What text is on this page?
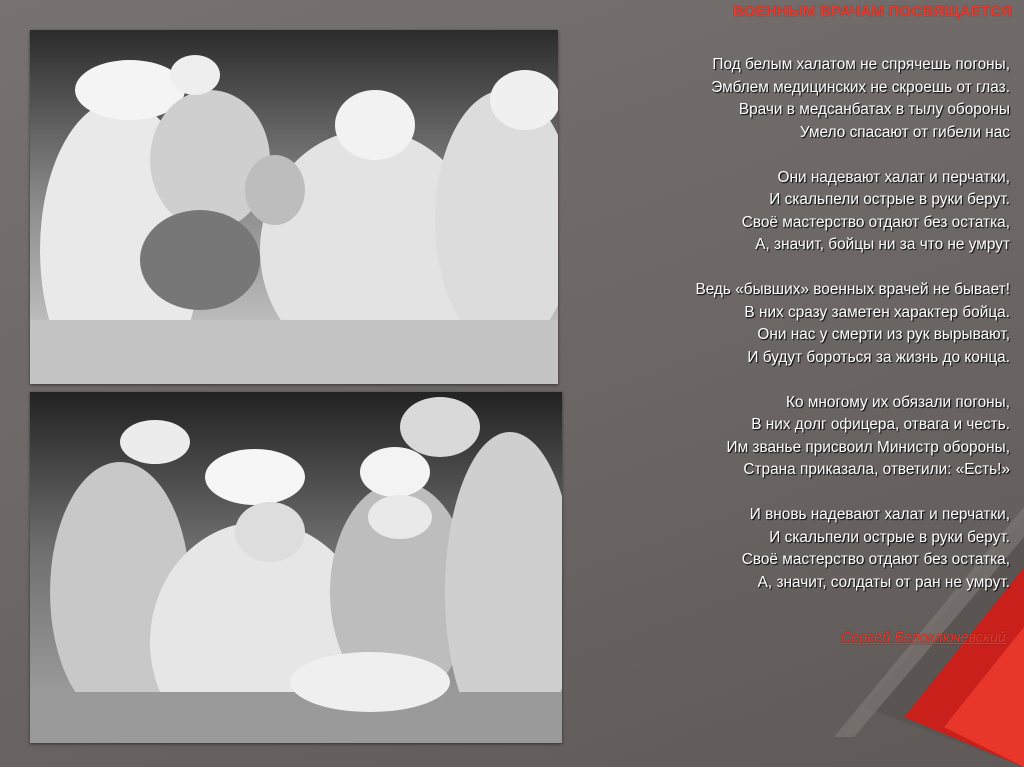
ВОЕННЫМ ВРАЧАМ ПОСВЯЩАЕТСЯ
Под белым халатом не спрячешь погоны,
Эмблем медицинских не скроешь от глаз.
Врачи в медсанбатах в тылу обороны
Умело спасают от гибели нас
Они надевают халат и перчатки,
И скальпели острые в руки берут.
Своё мастерство отдают без остатка,
А, значит, бойцы ни за что не умрут
Ведь «бывших» военных врачей не бывает!
В них сразу заметен характер бойца.
Они нас у смерти из рук вырывают,
И будут бороться за жизнь до конца.
Ко многому их обязали погоны,
В них долг офицера, отвага и честь.
Им званье присвоил Министр обороны,
Страна приказала, ответили: «Есть!»
И вновь надевают халат и перчатки,
И скальпели острые в руки берут.
Своё мастерство отдают без остатка,
А, значит, солдаты от ран не умрут.
Сергей Белоключевский
